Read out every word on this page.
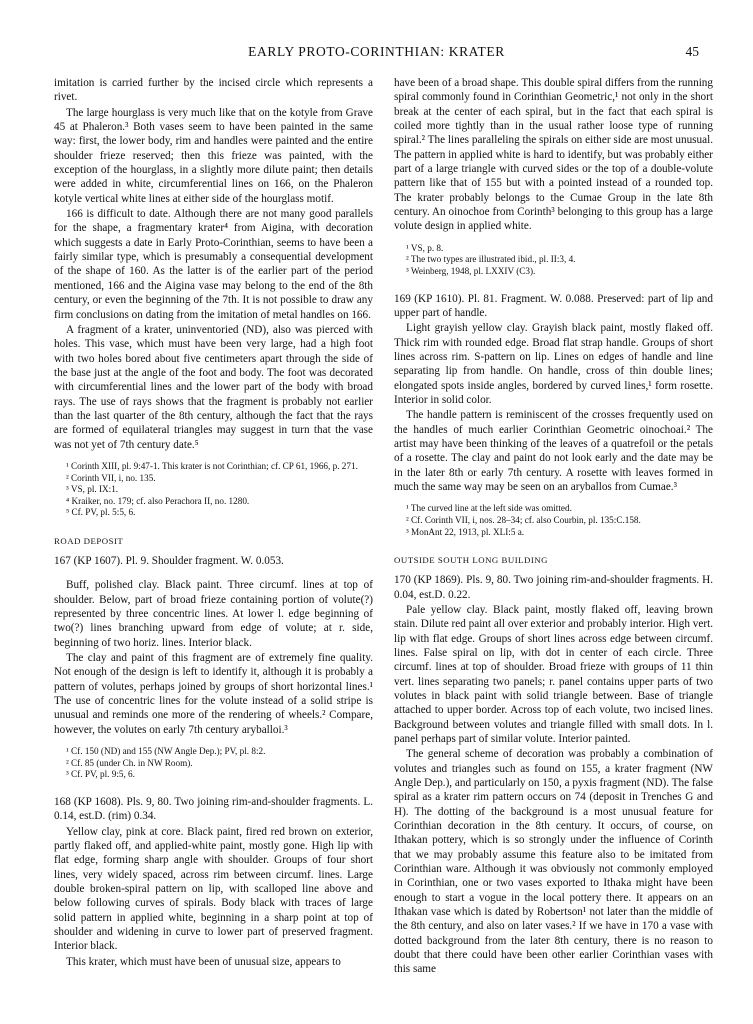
EARLY PROTO-CORINTHIAN: KRATER	45

imitation is carried further by the incised circle which represents a rivet.

The large hourglass is very much like that on the kotyle from Grave 45 at Phaleron.³ Both vases seem to have been painted in the same way: first, the lower body, rim and handles were painted and the entire shoulder frieze reserved; then this frieze was painted, with the exception of the hourglass, in a slightly more dilute paint; then details were added in white, circumferential lines on 166, on the Phaleron kotyle vertical white lines at either side of the hourglass motif.

166 is difficult to date. Although there are not many good parallels for the shape, a fragmentary krater⁴ from Aigina, with decoration which suggests a date in Early Proto-Corinthian, seems to have been a fairly similar type, which is presumably a consequential development of the shape of 160. As the latter is of the earlier part of the period mentioned, 166 and the Aigina vase may belong to the end of the 8th century, or even the beginning of the 7th. It is not possible to draw any firm conclusions on dating from the imitation of metal handles on 166.

A fragment of a krater, uninventoried (ND), also was pierced with holes. This vase, which must have been very large, had a high foot with two holes bored about five centimeters apart through the side of the base just at the angle of the foot and body. The foot was decorated with circumferential lines and the lower part of the body with broad rays. The use of rays shows that the fragment is probably not earlier than the last quarter of the 8th century, although the fact that the rays are formed of equilateral triangles may suggest in turn that the vase was not yet of 7th century date.⁵

¹ Corinth XIII, pl. 9:47-1. This krater is not Corinthian; cf. CP 61, 1966, p. 271.
² Corinth VII, i, no. 135.
³ VS, pl. IX:1.
⁴ Kraiker, no. 179; cf. also Perachora II, no. 1280.
⁵ Cf. PV, pl. 5:5, 6.
ROAD DEPOSIT

167 (KP 1607). Pl. 9. Shoulder fragment. W. 0.053.

Buff, polished clay. Black paint. Three circumf. lines at top of shoulder. Below, part of broad frieze containing portion of volute(?) represented by three concentric lines. At lower l. edge beginning of two(?) lines branching upward from edge of volute; at r. side, beginning of two horiz. lines. Interior black.

The clay and paint of this fragment are of extremely fine quality. Not enough of the design is left to identify it, although it is probably a pattern of volutes, perhaps joined by groups of short horizontal lines.¹ The use of concentric lines for the volute instead of a solid stripe is unusual and reminds one more of the rendering of wheels.² Compare, however, the volutes on early 7th century aryballoi.³

¹ Cf. 150 (ND) and 155 (NW Angle Dep.); PV, pl. 8:2.
² Cf. 85 (under Ch. in NW Room).
³ Cf. PV, pl. 9:5, 6.

168 (KP 1608). Pls. 9, 80. Two joining rim-and-shoulder fragments. L. 0.14, est.D. (rim) 0.34.

Yellow clay, pink at core. Black paint, fired red brown on exterior, partly flaked off, and applied-white paint, mostly gone. High lip with flat edge, forming sharp angle with shoulder. Groups of four short lines, very widely spaced, across rim between circumf. lines. Large double broken-spiral pattern on lip, with scalloped line above and below following curves of spirals. Body black with traces of large solid pattern in applied white, beginning in a sharp point at top of shoulder and widening in curve to lower part of preserved fragment. Interior black.

This krater, which must have been of unusual size, appears to

have been of a broad shape. This double spiral differs from the running spiral commonly found in Corinthian Geometric,¹ not only in the short break at the center of each spiral, but in the fact that each spiral is coiled more tightly than in the usual rather loose type of running spiral.² The lines paralleling the spirals on either side are most unusual. The pattern in applied white is hard to identify, but was probably either part of a large triangle with curved sides or the top of a double-volute pattern like that of 155 but with a pointed instead of a rounded top. The krater probably belongs to the Cumae Group in the late 8th century. An oinochoe from Corinth³ belonging to this group has a large volute design in applied white.

¹ VS, p. 8.
² The two types are illustrated ibid., pl. II:3, 4.
³ Weinberg, 1948, pl. LXXIV (C3).

169 (KP 1610). Pl. 81. Fragment. W. 0.088. Preserved: part of lip and upper part of handle.

Light grayish yellow clay. Grayish black paint, mostly flaked off. Thick rim with rounded edge. Broad flat strap handle. Groups of short lines across rim. S-pattern on lip. Lines on edges of handle and line separating lip from handle. On handle, cross of thin double lines; elongated spots inside angles, bordered by curved lines,¹ form rosette. Interior in solid color.

The handle pattern is reminiscent of the crosses frequently used on the handles of much earlier Corinthian Geometric oinochoai.² The artist may have been thinking of the leaves of a quatrefoil or the petals of a rosette. The clay and paint do not look early and the date may be in the later 8th or early 7th century. A rosette with leaves formed in much the same way may be seen on an aryballos from Cumae.³

¹ The curved line at the left side was omitted.
² Cf. Corinth VII, i, nos. 28–34; cf. also Courbin, pl. 135:C.158.
³ MonAnt 22, 1913, pl. XLI:5 a.
OUTSIDE SOUTH LONG BUILDING

170 (KP 1869). Pls. 9, 80. Two joining rim-and-shoulder fragments. H. 0.04, est.D. 0.22.

Pale yellow clay. Black paint, mostly flaked off, leaving brown stain. Dilute red paint all over exterior and probably interior. High vert. lip with flat edge. Groups of short lines across edge between circumf. lines. False spiral on lip, with dot in center of each circle. Three circumf. lines at top of shoulder. Broad frieze with groups of 11 thin vert. lines separating two panels; r. panel contains upper parts of two volutes in black paint with solid triangle between. Base of triangle attached to upper border. Across top of each volute, two incised lines. Background between volutes and triangle filled with small dots. In l. panel perhaps part of similar volute. Interior painted.

The general scheme of decoration was probably a combination of volutes and triangles such as found on 155, a krater fragment (NW Angle Dep.), and particularly on 150, a pyxis fragment (ND). The false spiral as a krater rim pattern occurs on 74 (deposit in Trenches G and H). The dotting of the background is a most unusual feature for Corinthian decoration in the 8th century. It occurs, of course, on Ithakan pottery, which is so strongly under the influence of Corinth that we may probably assume this feature also to be imitated from Corinthian ware. Although it was obviously not commonly employed in Corinthian, one or two vases exported to Ithaka might have been enough to start a vogue in the local pottery there. It appears on an Ithakan vase which is dated by Robertson¹ not later than the middle of the 8th century, and also on later vases.² If we have in 170 a vase with dotted background from the later 8th century, there is no reason to doubt that there could have been other earlier Corinthian vases with this same
